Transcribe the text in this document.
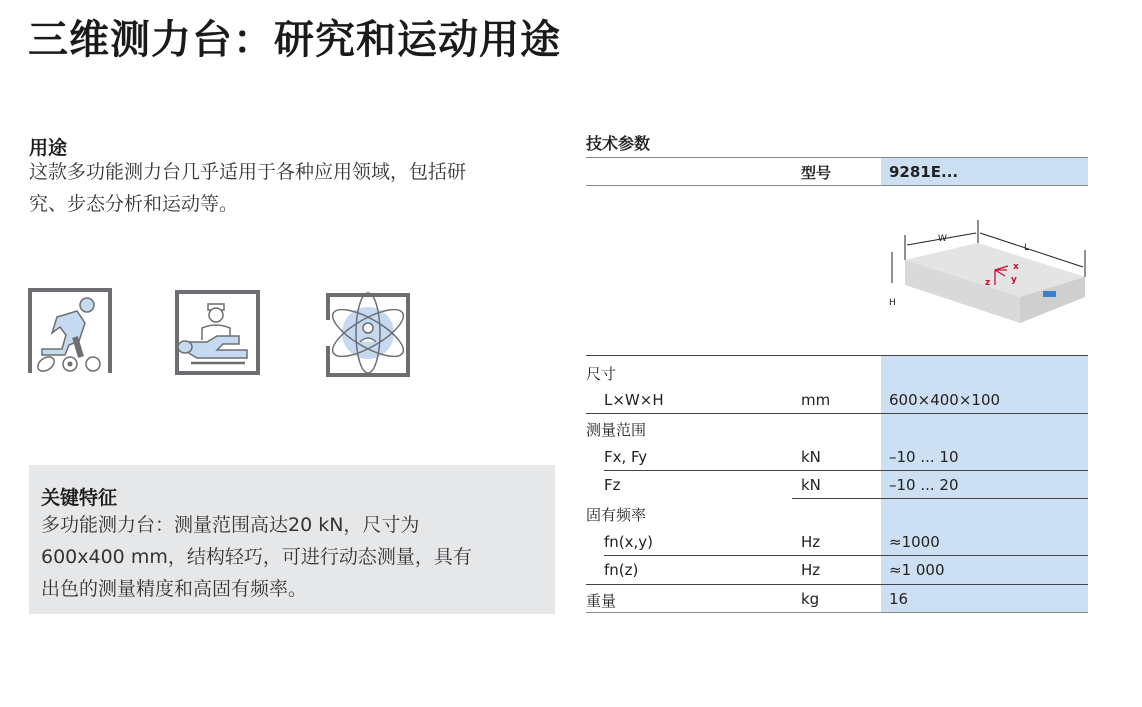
三维测力台：研究和运动用途
用途
这款多功能测力台几乎适用于各种应用领域，包括研
究、步态分析和运动等。
关键特征
多功能测力台：测量范围高达20 kN，尺寸为
600x400 mm，结构轻巧，可进行动态测量，具有
出色的测量精度和高固有频率。
技术参数
型号	9281E...
W
L
H
x
y
z
尺寸
L×W×H	mm	600×400×100
测量范围
Fx, Fy	kN	–10 ... 10
Fz	kN	–10 ... 20
固有频率
fn(x,y)	Hz	≈1000
fn(z)	Hz	≈1 000
重量	kg	16
